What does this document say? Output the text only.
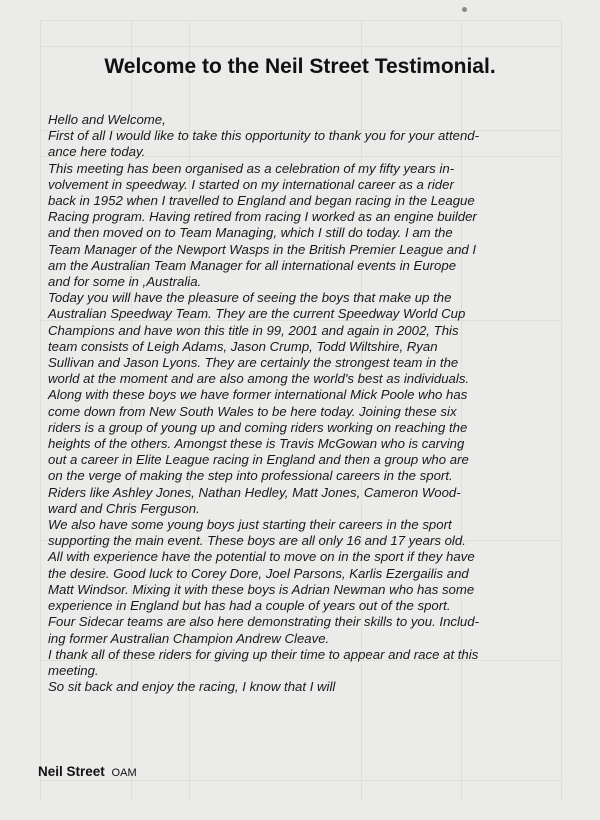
Welcome to the Neil Street Testimonial.
Hello and Welcome,
First of all I would like to take this opportunity to thank you for your attend-
ance here today.
This meeting has been organised as a celebration of my fifty years in-
volvement in speedway. I started on my international career as a rider
back in 1952 when I travelled to England and began racing in the League
Racing program. Having retired from racing I worked as an engine builder
and then moved on to Team Managing, which I still do today. I am the
Team Manager of the Newport Wasps in the British Premier League and I
am the Australian Team Manager for all international events in Europe
and for some in ,Australia.
Today you will have the pleasure of seeing the boys that make up the
Australian Speedway Team. They are the current Speedway World Cup
Champions and have won this title in 99, 2001 and again in 2002, This
team consists of Leigh Adams, Jason Crump, Todd Wiltshire, Ryan
Sullivan and Jason Lyons. They are certainly the strongest team in the
world at the moment and are also among the world's best as individuals.
Along with these boys we have former international Mick Poole who has
come down from New South Wales to be here today. Joining these six
riders is a group of young up and coming riders working on reaching the
heights of the others. Amongst these is Travis McGowan who is carving
out a career in Elite League racing in England and then a group who are
on the verge of making the step into professional careers in the sport.
Riders like Ashley Jones, Nathan Hedley, Matt Jones, Cameron Wood-
ward and Chris Ferguson.
We also have some young boys just starting their careers in the sport
supporting the main event. These boys are all only 16 and 17 years old.
All with experience have the potential to move on in the sport if they have
the desire. Good luck to Corey Dore, Joel Parsons, Karlis Ezergailis and
Matt Windsor. Mixing it with these boys is Adrian Newman who has some
experience in England but has had a couple of years out of the sport.
Four Sidecar teams are also here demonstrating their skills to you. Includ-
ing former Australian Champion Andrew Cleave.
I thank all of these riders for giving up their time to appear and race at this
meeting.
So sit back and enjoy the racing, I know that I will
Neil Street OAM
